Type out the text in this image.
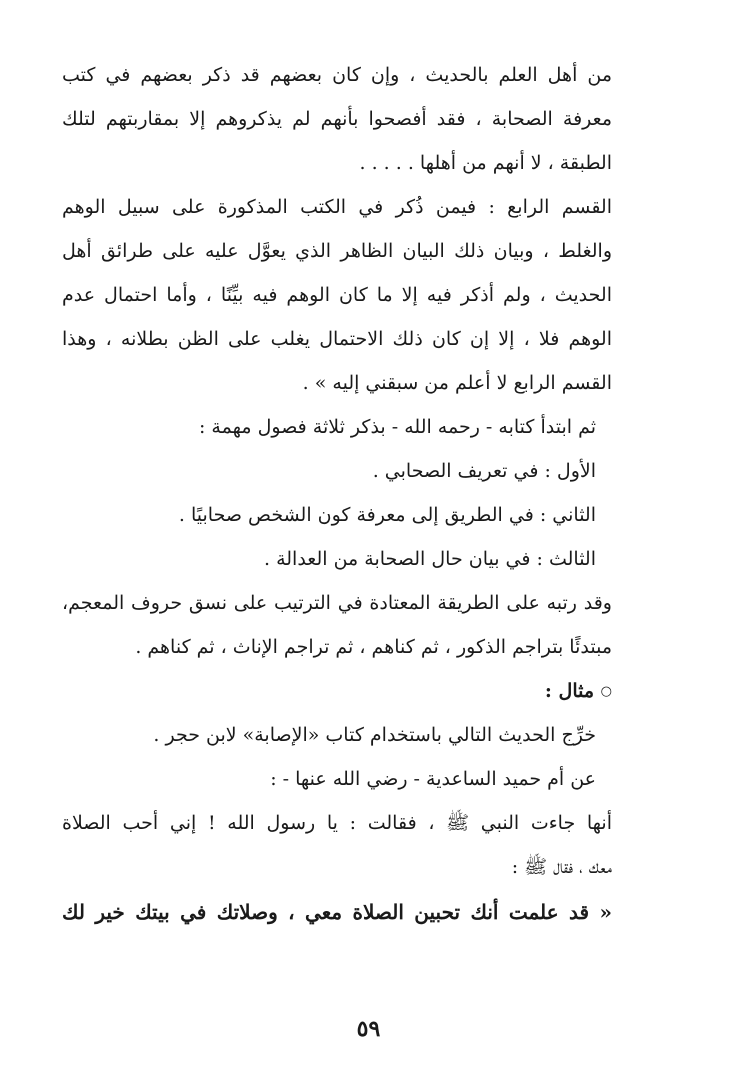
من أهل العلم بالحديث ، وإن كان بعضهم قد ذكر بعضهم في كتب
معرفة الصحابة ، فقد أفصحوا بأنهم لم يذكروهم إلا بمقاربتهم لتلك
الطبقة ، لا أنهم من أهلها . . . . .
القسم الرابع : فيمن ذُكر في الكتب المذكورة على سبيل الوهم
والغلط ، وبيان ذلك البيان الظاهر الذي يعوَّل عليه على طرائق أهل
الحديث ، ولم أذكر فيه إلا ما كان الوهم فيه بيِّنًا ، وأما احتمال عدم
الوهم فلا ، إلا إن كان ذلك الاحتمال يغلب على الظن بطلانه ، وهذا
القسم الرابع لا أعلم من سبقني إليه » .
ثم ابتدأ كتابه - رحمه الله - بذكر ثلاثة فصول مهمة :
الأول : في تعريف الصحابي .
الثاني : في الطريق إلى معرفة كون الشخص صحابيًا .
الثالث : في بيان حال الصحابة من العدالة .
وقد رتبه على الطريقة المعتادة في الترتيب على نسق حروف المعجم،
مبتدئًا بتراجم الذكور ، ثم كناهم ، ثم تراجم الإناث ، ثم كناهم .
○ مثال :
خرِّج الحديث التالي باستخدام كتاب «الإصابة» لابن حجر .
عن أم حميد الساعدية - رضي الله عنها - :
أنها جاءت النبي ﷺ ، فقالت : يا رسول الله ! إني أحب الصلاة
معك ، فقال ﷺ :
« قد علمت أنك تحبين الصلاة معي ، وصلاتك في بيتك خير لك
٥٩
